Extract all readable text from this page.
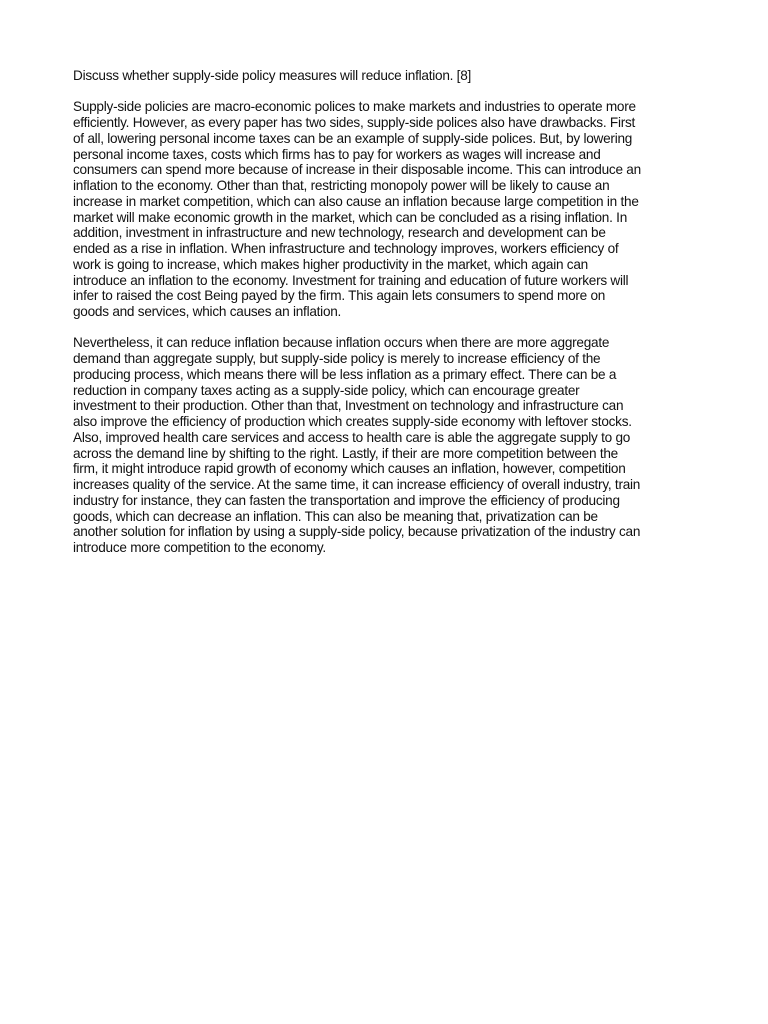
Discuss whether supply-side policy measures will reduce inflation. [8]
Supply-side policies are macro-economic polices to make markets and industries to operate more
efficiently. However, as every paper has two sides, supply-side polices also have drawbacks. First
of all, lowering personal income taxes can be an example of supply-side polices. But, by lowering
personal income taxes, costs which firms has to pay for workers as wages will increase and
consumers can spend more because of increase in their disposable income. This can introduce an
inflation to the economy. Other than that, restricting monopoly power will be likely to cause an
increase in market competition, which can also cause an inflation because large competition in the
market will make economic growth in the market, which can be concluded as a rising inflation. In
addition, investment in infrastructure and new technology, research and development can be
ended as a rise in inflation. When infrastructure and technology improves, workers efficiency of
work is going to increase, which makes higher productivity in the market, which again can
introduce an inflation to the economy. Investment for training and education of future workers will
infer to raised the cost Being payed by the firm. This again lets consumers to spend more on
goods and services, which causes an inflation.
Nevertheless, it can reduce inflation because inflation occurs when there are more aggregate
demand than aggregate supply, but supply-side policy is merely to increase efficiency of the
producing process, which means there will be less inflation as a primary effect. There can be a
reduction in company taxes acting as a supply-side policy, which can encourage greater
investment to their production. Other than that, Investment on technology and infrastructure can
also improve the efficiency of production which creates supply-side economy with leftover stocks.
Also, improved health care services and access to health care is able the aggregate supply to go
across the demand line by shifting to the right. Lastly, if their are more competition between the
firm, it might introduce rapid growth of economy which causes an inflation, however, competition
increases quality of the service. At the same time, it can increase efficiency of overall industry, train
industry for instance, they can fasten the transportation and improve the efficiency of producing
goods, which can decrease an inflation. This can also be meaning that, privatization can be
another solution for inflation by using a supply-side policy, because privatization of the industry can
introduce more competition to the economy.
